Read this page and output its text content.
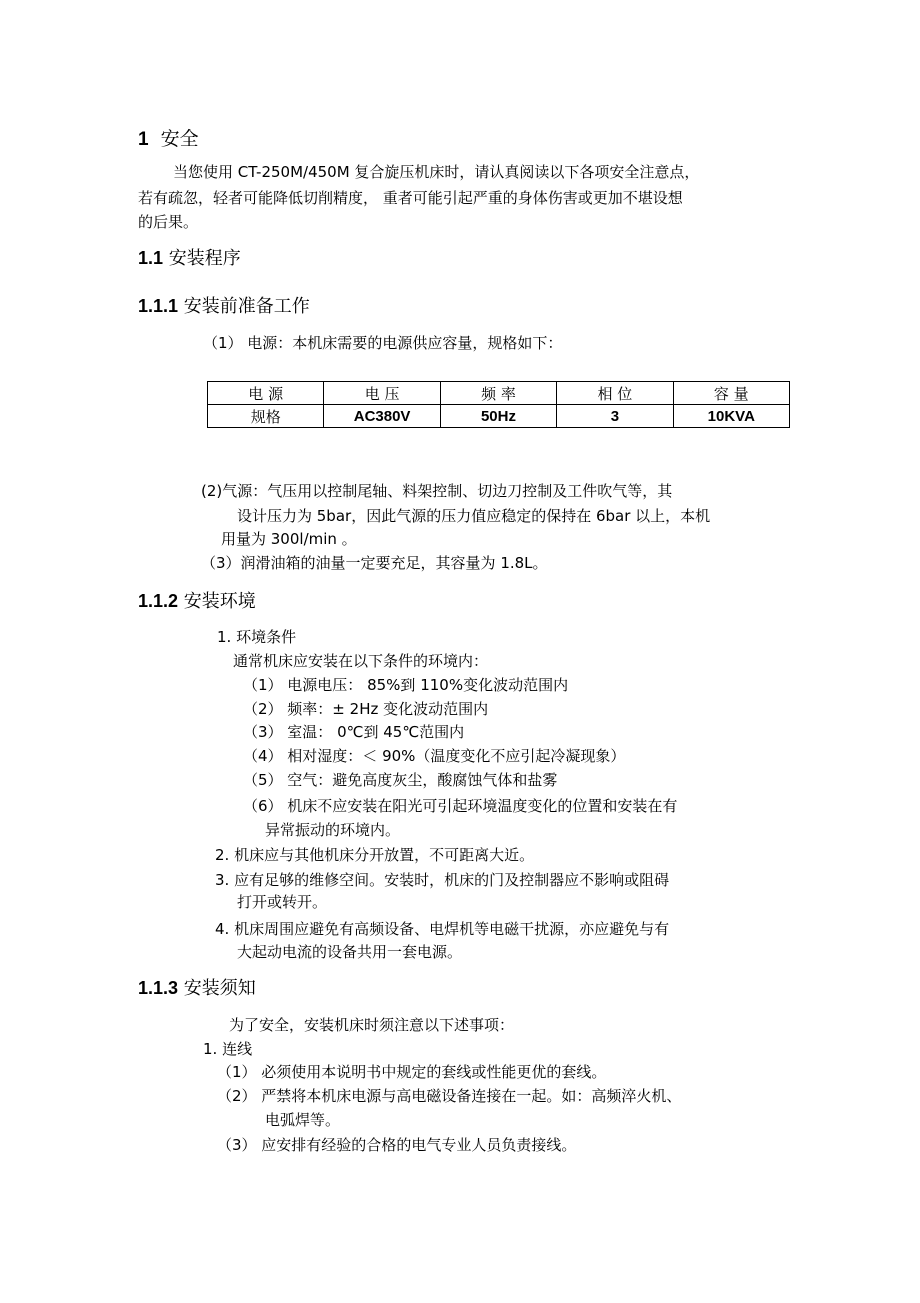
1 安全
当您使用 CT-250M/450M 复合旋压机床时，请认真阅读以下各项安全注意点，
若有疏忽，轻者可能降低切削精度， 重者可能引起严重的身体伤害或更加不堪设想
的后果。
1.1 安装程序
1.1.1 安装前准备工作
（1） 电源：本机床需要的电源供应容量，规格如下：
电 源	电 压	频 率	相 位	容 量
规格	AC380V	50Hz	3	10KVA
(2)气源：气压用以控制尾轴、料架控制、切边刀控制及工件吹气等，其
设计压力为 5bar，因此气源的压力值应稳定的保持在 6bar 以上，本机
用量为 300l/min 。
（3）润滑油箱的油量一定要充足，其容量为 1.8L。
1.1.2 安装环境
1. 环境条件
通常机床应安装在以下条件的环境内：
（1） 电源电压： 85%到 110%变化波动范围内
（2） 频率：± 2Hz 变化波动范围内
（3） 室温： 0℃到 45℃范围内
（4） 相对湿度：＜ 90%（温度变化不应引起冷凝现象）
（5） 空气：避免高度灰尘，酸腐蚀气体和盐雾
（6） 机床不应安装在阳光可引起环境温度变化的位置和安装在有
异常振动的环境内。
2. 机床应与其他机床分开放置，不可距离大近。
3. 应有足够的维修空间。安装时，机床的门及控制器应不影响或阻碍
打开或转开。
4. 机床周围应避免有高频设备、电焊机等电磁干扰源，亦应避免与有
大起动电流的设备共用一套电源。
1.1.3 安装须知
为了安全，安装机床时须注意以下述事项：
1. 连线
（1） 必须使用本说明书中规定的套线或性能更优的套线。
（2） 严禁将本机床电源与高电磁设备连接在一起。如：高频淬火机、
电弧焊等。
（3） 应安排有经验的合格的电气专业人员负责接线。
